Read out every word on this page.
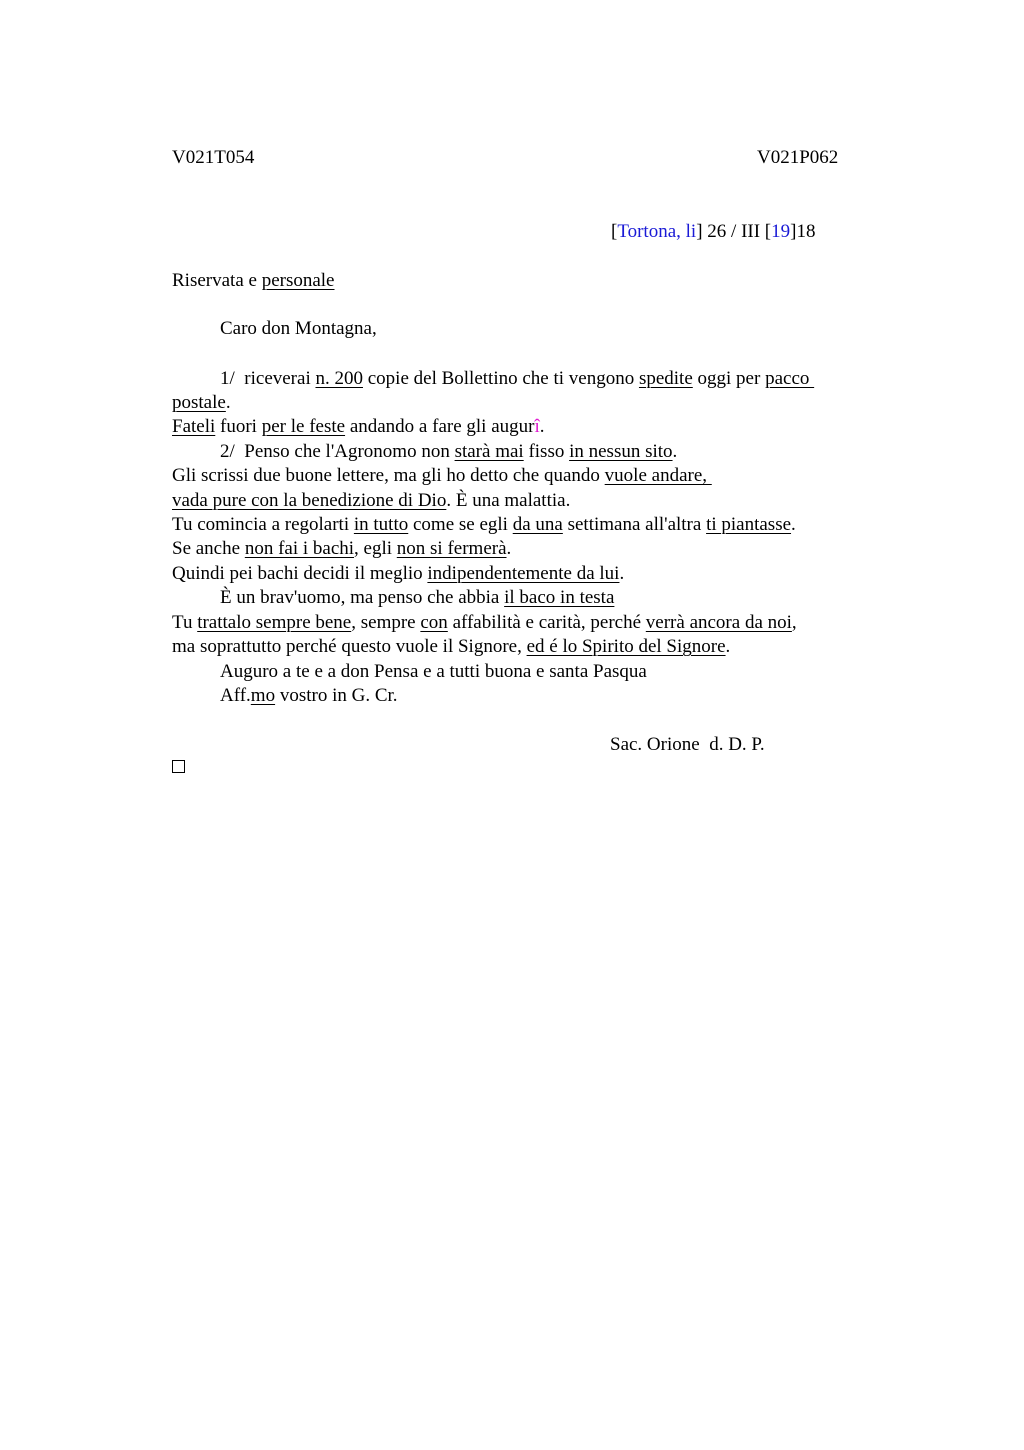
V021T054	V021P062
[Tortona, li] 26 / III [19]18
Riservata e personale
Caro don Montagna,
1/  riceverai n. 200 copie del Bollettino che ti vengono spedite oggi per pacco
postale.
Fateli fuori per le feste andando a fare gli augurî.
2/  Penso che l'Agronomo non starà mai fisso in nessun sito.
Gli scrissi due buone lettere, ma gli ho detto che quando vuole andare,
vada pure con la benedizione di Dio. È una malattia.
Tu comincia a regolarti in tutto come se egli da una settimana all'altra ti piantasse.
Se anche non fai i bachi, egli non si fermerà.
Quindi pei bachi decidi il meglio indipendentemente da lui.
È un brav'uomo, ma penso che abbia il baco in testa
Tu trattalo sempre bene, sempre con affabilità e carità, perché verrà ancora da noi,
ma soprattutto perché questo vuole il Signore, ed é lo Spirito del Signore.
Auguro a te e a don Pensa e a tutti buona e santa Pasqua
Aff.mo vostro in G. Cr.
Sac. Orione  d. D. P.
